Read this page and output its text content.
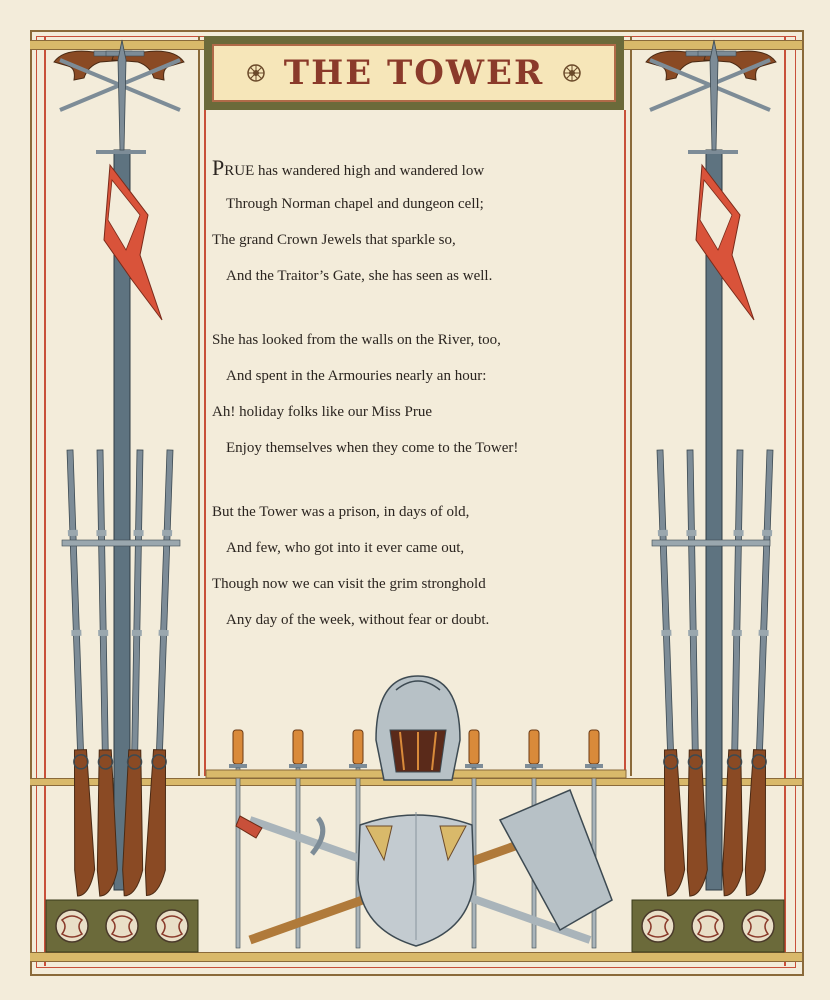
THE TOWER
PRUE has wandered high and wandered low
Through Norman chapel and dungeon cell;
The grand Crown Jewels that sparkle so,
And the Traitor’s Gate, she has seen as well.
She has looked from the walls on the River, too,
And spent in the Armouries nearly an hour:
Ah! holiday folks like our Miss Prue
Enjoy themselves when they come to the Tower!
But the Tower was a prison, in days of old,
And few, who got into it ever came out,
Though now we can visit the grim stronghold
Any day of the week, without fear or doubt.
